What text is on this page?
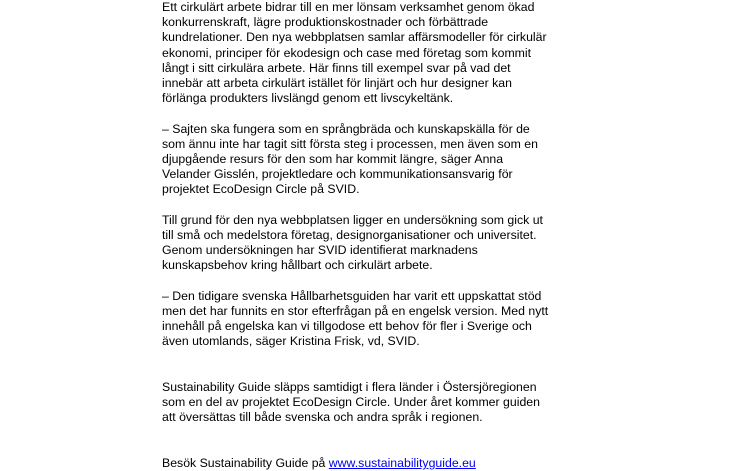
Ett cirkulärt arbete bidrar till en mer lönsam verksamhet genom ökad
konkurrenskraft, lägre produktionskostnader och förbättrade
kundrelationer. Den nya webbplatsen samlar affärsmodeller för cirkulär
ekonomi, principer för ekodesign och case med företag som kommit
långt i sitt cirkulära arbete. Här finns till exempel svar på vad det
innebär att arbeta cirkulärt istället för linjärt och hur designer kan
förlänga produkters livslängd genom ett livscykeltänk.

– Sajten ska fungera som en språngbräda och kunskapskälla för de
som ännu inte har tagit sitt första steg i processen, men även som en
djupgående resurs för den som har kommit längre, säger Anna
Velander Gisslén, projektledare och kommunikationsansvarig för
projektet EcoDesign Circle på SVID.

Till grund för den nya webbplatsen ligger en undersökning som gick ut
till små och medelstora företag, designorganisationer och universitet.
Genom undersökningen har SVID identifierat marknadens
kunskapsbehov kring hållbart och cirkulärt arbete.

– Den tidigare svenska Hållbarhetsguiden har varit ett uppskattat stöd
men det har funnits en stor efterfrågan på en engelsk version. Med nytt
innehåll på engelska kan vi tillgodose ett behov för fler i Sverige och
även utomlands, säger Kristina Frisk, vd, SVID.

Sustainability Guide släpps samtidigt i flera länder i Östersjöregionen
som en del av projektet EcoDesign Circle. Under året kommer guiden
att översättas till både svenska och andra språk i regionen.

Besök Sustainability Guide på www.sustainabilityguide.eu
